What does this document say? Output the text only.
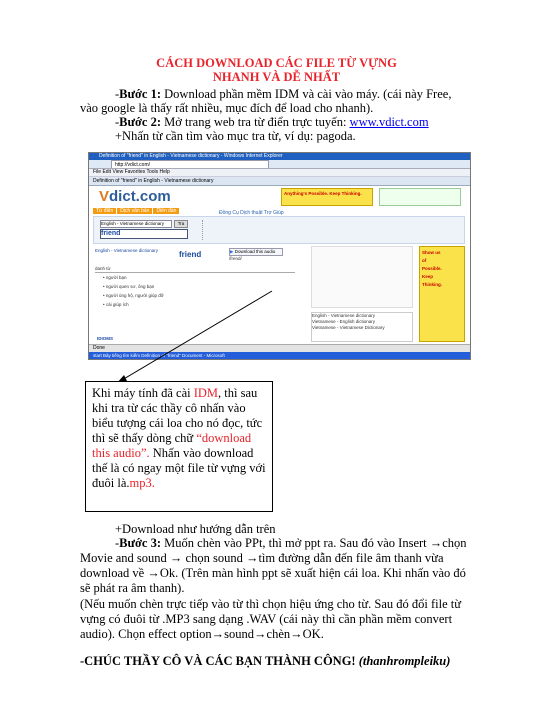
CÁCH DOWNLOAD CÁC FILE TỪ VỰNG
NHANH VÀ DỄ NHẤT
-Bước 1: Download phần mềm IDM và cài vào máy. (cái này Free,
vào google là thấy rất nhiều, mục đích để load cho nhanh).
-Bước 2: Mở trang web tra từ điển trực tuyến: www.vdict.com
+Nhấn từ cần tìm vào mục tra từ, ví dụ: pagoda.
Definition of "friend" in English - Vietnamese dictionary - Windows Internet Explorer
http://vdict.com/
File Edit View Favorites Tools Help
Definition of "friend" in English - Vietnamese dictionary
Vdict.com	Anything's Possible. Keep Thinking.
Từ điển Dịch văn bản Diễn đàn	Đồng Cụ Dịch thuật Trợ Giúp
English - Vietnamese dictionary	Tra
friend
English - Vietnamese dictionary	friend	▶ Download this audio
/frend/
danh từ
• người bạn
• người quen sơ, ông bạn
• người ủng hộ, người giúp đỡ
• cái giúp ích
IDIOMS
English - Vietnamese dictionary
Vietnamese - English dictionary
Vietnamese - Vietnamese Dictionary
Show us
of
Possible.
Keep
Thinking.
Done
start Bảy tiếng tìm kiếm Definition of "friend" Document - Microsoft
Khi máy tính đã cài IDM, thì sau khi tra từ các thầy cô nhấn vào biểu tượng cái loa cho nó đọc, tức thì sẽ thấy dòng chữ “download this audio”. Nhấn vào download thế là có ngay một file từ vựng với đuôi là.mp3.
+Download như hướng dẫn trên
-Bước 3: Muốn chèn vào PPt, thì mở ppt ra. Sau đó vào Insert →chọn Movie and sound → chọn sound →tìm đường dẫn đến file âm thanh vừa download về →Ok. (Trên màn hình ppt sẽ xuất hiện cái loa. Khi nhấn vào đó sẽ phát ra âm thanh).
(Nếu muốn chèn trực tiếp vào từ thì chọn hiệu ứng cho từ. Sau đó đổi file từ vựng có đuôi từ .MP3 sang dạng .WAV (cái này thì cần phần mềm convert audio). Chọn effect option→sound→chèn→OK.
-CHÚC THẦY CÔ VÀ CÁC BẠN THÀNH CÔNG! (thanhrompleiku)
